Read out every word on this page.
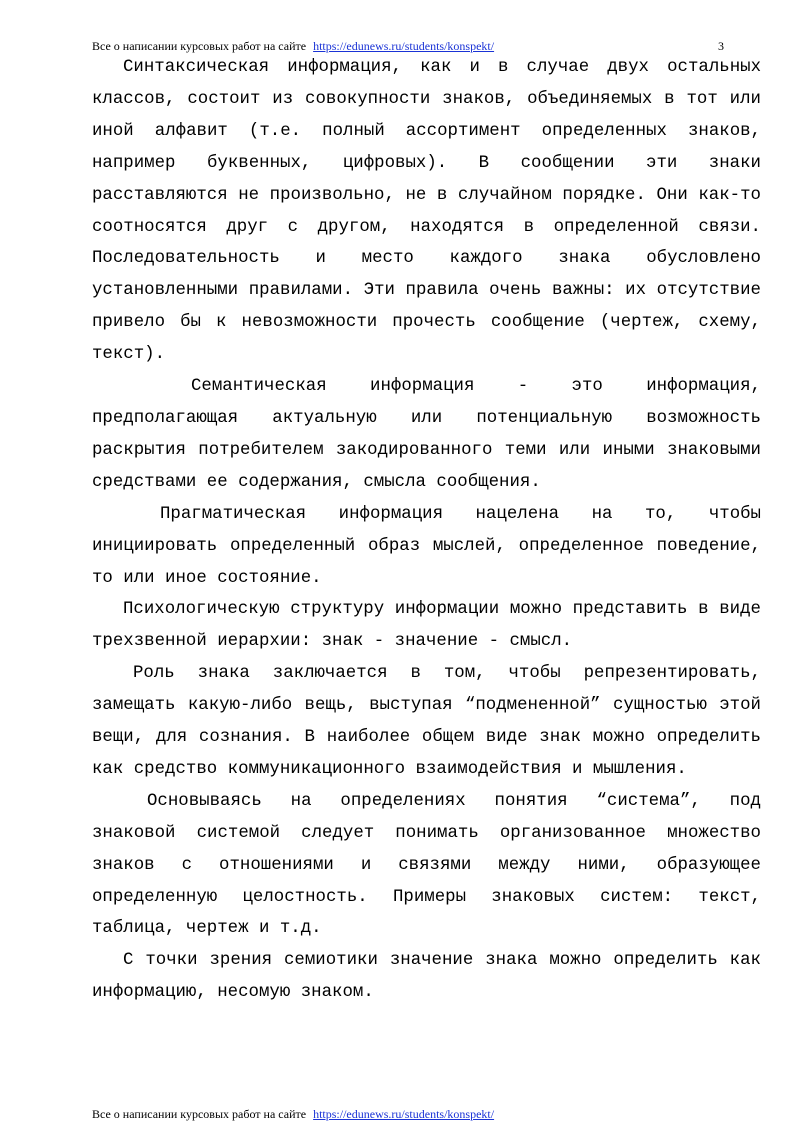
Все о написании курсовых работ на сайте https://edunews.ru/students/konspekt/	3

Синтаксическая информация, как и в случае двух остальных классов, состоит из совокупности знаков, объединяемых в тот или иной алфавит (т.е. полный ассортимент определенных знаков, например буквенных, цифровых). В сообщении эти знаки расставляются не произвольно, не в случайном порядке. Они как-то соотносятся друг с другом, находятся в определенной связи. Последовательность и место каждого знака обусловлено установленными правилами. Эти правила очень важны: их отсутствие привело бы к невозможности прочесть сообщение (чертеж, схему, текст).

Семантическая информация - это информация, предполагающая актуальную или потенциальную возможность раскрытия потребителем закодированного теми или иными знаковыми средствами ее содержания, смысла сообщения.

Прагматическая информация нацелена на то, чтобы инициировать определенный образ мыслей, определенное поведение, то или иное состояние.

Психологическую структуру информации можно представить в виде трехзвенной иерархии: знак - значение - смысл.

Роль знака заключается в том, чтобы репрезентировать, замещать какую-либо вещь, выступая “подмененной” сущностью этой вещи, для сознания. В наиболее общем виде знак можно определить как средство коммуникационного взаимодействия и мышления.

Основываясь на определениях понятия “система”, под знаковой системой следует понимать организованное множество знаков с отношениями и связями между ними, образующее определенную целостность. Примеры знаковых систем: текст, таблица, чертеж и т.д.

С точки зрения семиотики значение знака можно определить как информацию, несомую знаком.

Все о написании курсовых работ на сайте https://edunews.ru/students/konspekt/
